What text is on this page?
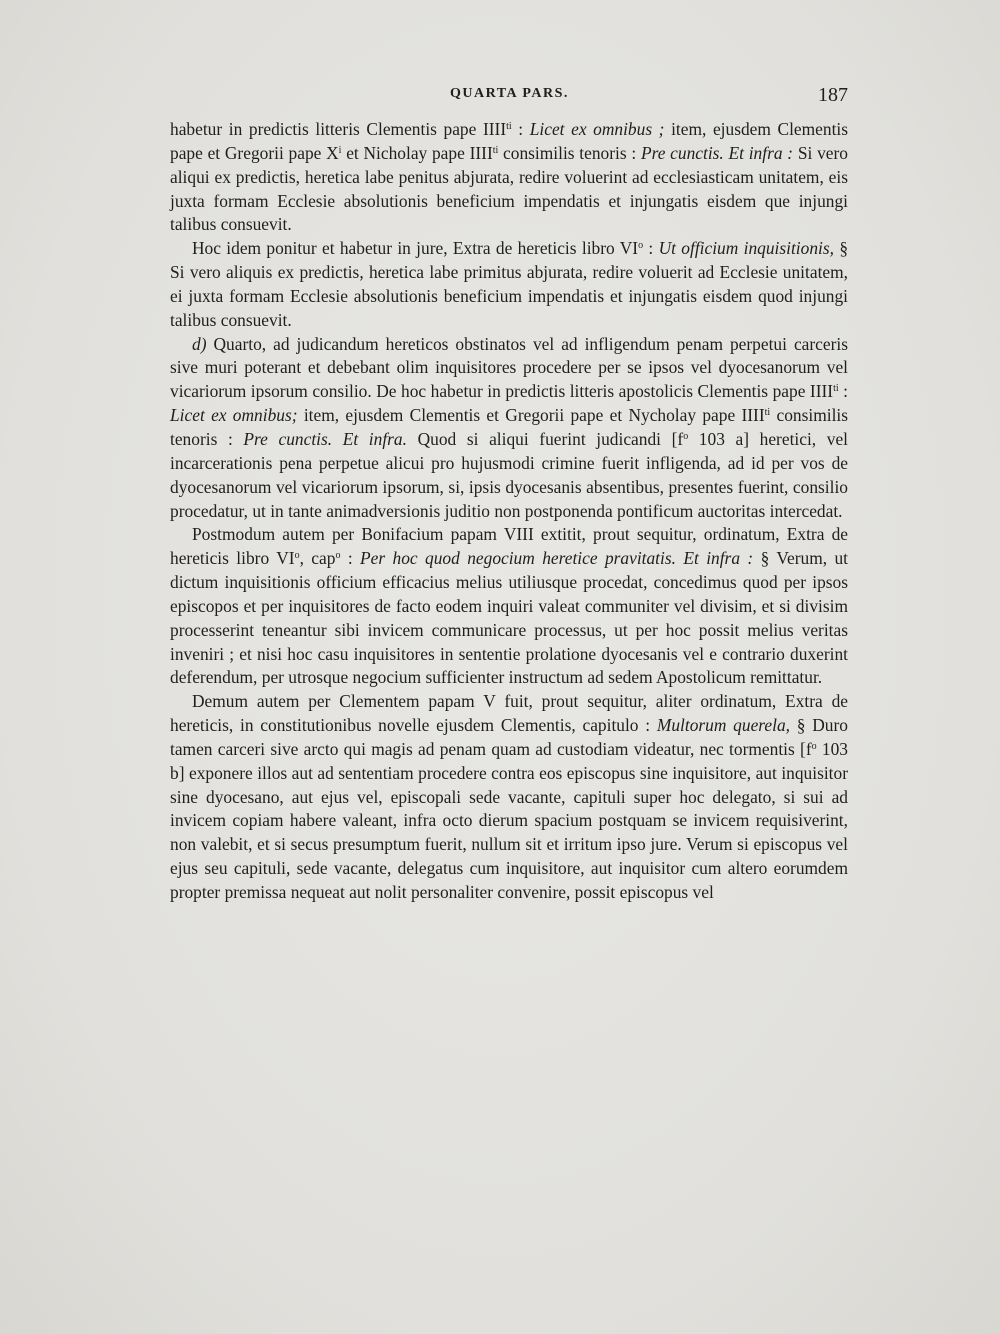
QUARTA PARS.	187

habetur in predictis litteris Clementis pape $IIII^{ti}$ : Licet ex omnibus ; item, ejusdem Clementis pape et Gregorii pape $X^i$ et Nicholay pape $IIII^{ti}$ consimilis tenoris : Pre cunctis. Et infra : Si vero aliqui ex predictis, heretica labe penitus abjurata, redire voluerint ad ecclesiasticam unitatem, eis juxta formam Ecclesie absolutionis beneficium impendatis et injungatis eisdem que injungi talibus consuevit.

Hoc idem ponitur et habetur in jure, Extra de hereticis libro $VI^o$ : Ut officium inquisitionis, § Si vero aliquis ex predictis, heretica labe primitus abjurata, redire voluerit ad Ecclesie unitatem, ei juxta formam Ecclesie absolutionis beneficium impendatis et injungatis eisdem quod injungi talibus consuevit.

d) Quarto, ad judicandum hereticos obstinatos vel ad infligendum penam perpetui carceris sive muri poterant et debebant olim inquisitores procedere per se ipsos vel dyocesanorum vel vicariorum ipsorum consilio. De hoc habetur in predictis litteris apostolicis Clementis pape $IIII^{ti}$ : Licet ex omnibus; item, ejusdem Clementis et Gregorii pape et Nycholay pape $IIII^{ti}$ consimilis tenoris : Pre cunctis. Et infra. Quod si aliqui fuerint judicandi [$f^o$ 103 a] heretici, vel incarcerationis pena perpetue alicui pro hujusmodi crimine fuerit infligenda, ad id per vos de dyocesanorum vel vicariorum ipsorum, si, ipsis dyocesanis absentibus, presentes fuerint, consilio procedatur, ut in tante animadversionis juditio non postponenda pontificum auctoritas intercedat.

Postmodum autem per Bonifacium papam VIII extitit, prout sequitur, ordinatum, Extra de hereticis libro $VI^o$, cap$^o$ : Per hoc quod negocium heretice pravitatis. Et infra : § Verum, ut dictum inquisitionis officium efficacius melius utiliusque procedat, concedimus quod per ipsos episcopos et per inquisitores de facto eodem inquiri valeat communiter vel divisim, et si divisim processerint teneantur sibi invicem communicare processus, ut per hoc possit melius veritas inveniri ; et nisi hoc casu inquisitores in sententie prolatione dyocesanis vel e contrario duxerint deferendum, per utrosque negocium sufficienter instructum ad sedem Apostolicum remittatur.

Demum autem per Clementem papam V fuit, prout sequitur, aliter ordinatum, Extra de hereticis, in constitutionibus novelle ejusdem Clementis, capitulo : Multorum querela, § Duro tamen carceri sive arcto qui magis ad penam quam ad custodiam videatur, nec tormentis [$f^o$ 103 b] exponere illos aut ad sententiam procedere contra eos episcopus sine inquisitore, aut inquisitor sine dyocesano, aut ejus vel, episcopali sede vacante, capituli super hoc delegato, si sui ad invicem copiam habere valeant, infra octo dierum spacium postquam se invicem requisiverint, non valebit, et si secus presumptum fuerit, nullum sit et irritum ipso jure. Verum si episcopus vel ejus seu capituli, sede vacante, delegatus cum inquisitore, aut inquisitor cum altero eorumdem propter premissa nequeat aut nolit personaliter convenire, possit episcopus vel
